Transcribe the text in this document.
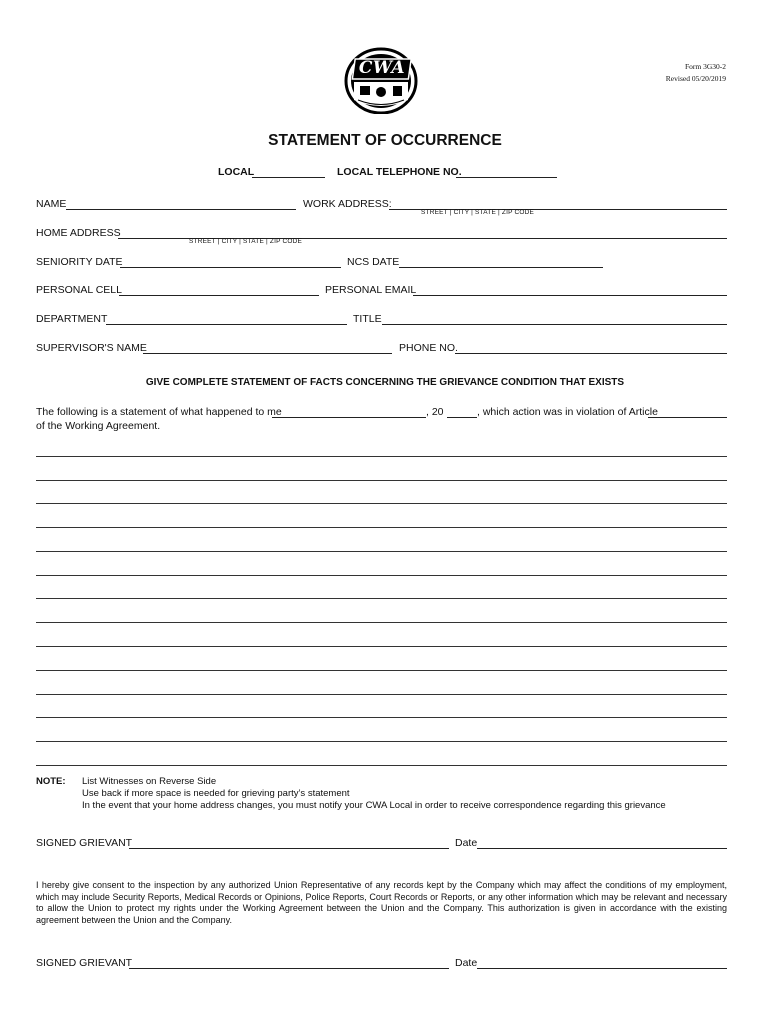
CWA	Form 3G30-2
Revised 05/20/2019
STATEMENT OF OCCURRENCE
LOCAL	LOCAL TELEPHONE NO.
NAME	WORK ADDRESS:
STREET | CITY | STATE | ZIP CODE
HOME ADDRESS
STREET | CITY | STATE | ZIP CODE
SENIORITY DATE	NCS DATE
PERSONAL CELL	PERSONAL EMAIL
DEPARTMENT	TITLE
SUPERVISOR'S NAME	PHONE NO.
GIVE COMPLETE STATEMENT OF FACTS CONCERNING THE GRIEVANCE CONDITION THAT EXISTS
The following is a statement of what happened to me	, 20	, which action was in violation of Article
of the Working Agreement.
NOTE: List Witnesses on Reverse Side
Use back if more space is needed for grieving party’s statement
In the event that your home address changes, you must notify your CWA Local in order to receive correspondence regarding this grievance
SIGNED GRIEVANT	Date
I hereby give consent to the inspection by any authorized Union Representative of any records kept by the Company which may affect the conditions of my employment, which may include Security Reports, Medical Records or Opinions, Police Reports, Court Records or Reports, or any other information which may be relevant and necessary to allow the Union to protect my rights under the Working Agreement between the Union and the Company. This authorization is given in accordance with the existing agreement between the Union and the Company.
SIGNED GRIEVANT	Date
